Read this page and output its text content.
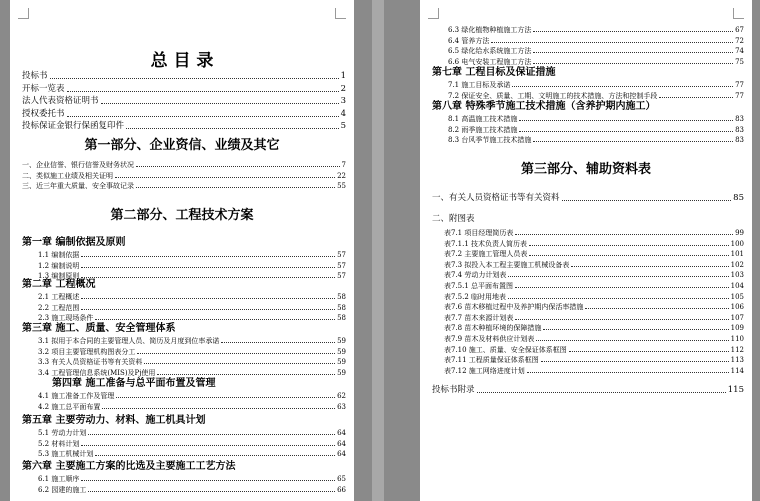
总 目 录
投标书	1
开标一览表	2
法人代表资格证明书	3
授权委托书	4
投标保证金银行保函复印件	5
第一部分、企业资信、业绩及其它
一、企业信誉、银行信誉及财务状况	7
二、类似施工业绩及相关证明	22
三、近三年重大质量、安全事故记录	55
第二部分、工程技术方案
第一章 编制依据及原则
1.1 编制依据	57
1.2 编制说明	57
1.3 编制原则	57
第二章 工程概况
2.1 工程概述	58
2.2 工程范围	58
2.3 施工现场条件	58
第三章 施工、质量、安全管理体系
3.1 拟用于本合同的主要管理人员、简历及月度到位率承诺	59
3.2 项目主要管理机构图表分工	59
3.3 有关人员资格证书等有关资料	59
3.4 工程管理信息系统(MIS)及Pj使用	59
第四章 施工准备与总平面布置及管理
4.1 施工准备工作及管理	62
4.2 施工总平面布置	63
第五章 主要劳动力、材料、施工机具计划
5.1 劳动力计划	64
5.2 材料计划	64
5.3 施工机械计划	64
第六章 主要施工方案的比选及主要施工工艺方法
6.1 施工顺序	65
6.2 园建的施工	66
6.3 绿化植物种植施工方法	67
6.4 管养方法	72
6.5 绿化给水系统施工方法	74
6.6 电气安装工程施工方法	75
第七章 工程目标及保证措施
7.1 施工目标及承诺	77
7.2 保证安全、质量、工期、文明施工的技术措施、方法和控制手段	77
第八章 特殊季节施工技术措施（含养护期内施工）
8.1 高温施工技术措施	83
8.2 雨季施工技术措施	83
8.3 台风季节施工技术措施	83
第三部分、辅助资料表
一、有关人员资格证书等有关资料	85
二、附图表
表7.1 项目经理简历表	99
表7.1.1 技术负责人简历表	100
表7.2 主要施工管理人员表	101
表7.3 拟投入本工程主要施工机械设备表	102
表7.4 劳动力计划表	103
表7.5.1 总平面布置图	104
表7.5.2 临时用地表	105
表7.6 苗木移植过程中及养护期内保活率措施	106
表7.7 苗木来源计划表	107
表7.8 苗木种植环境的保障措施	109
表7.9 苗木及材料供应计划表	110
表7.10 施工、质量、安全保证体系框图	112
表7.11 工程质量保证体系框图	113
表7.12 施工网络进度计划	114
投标书附录	115
